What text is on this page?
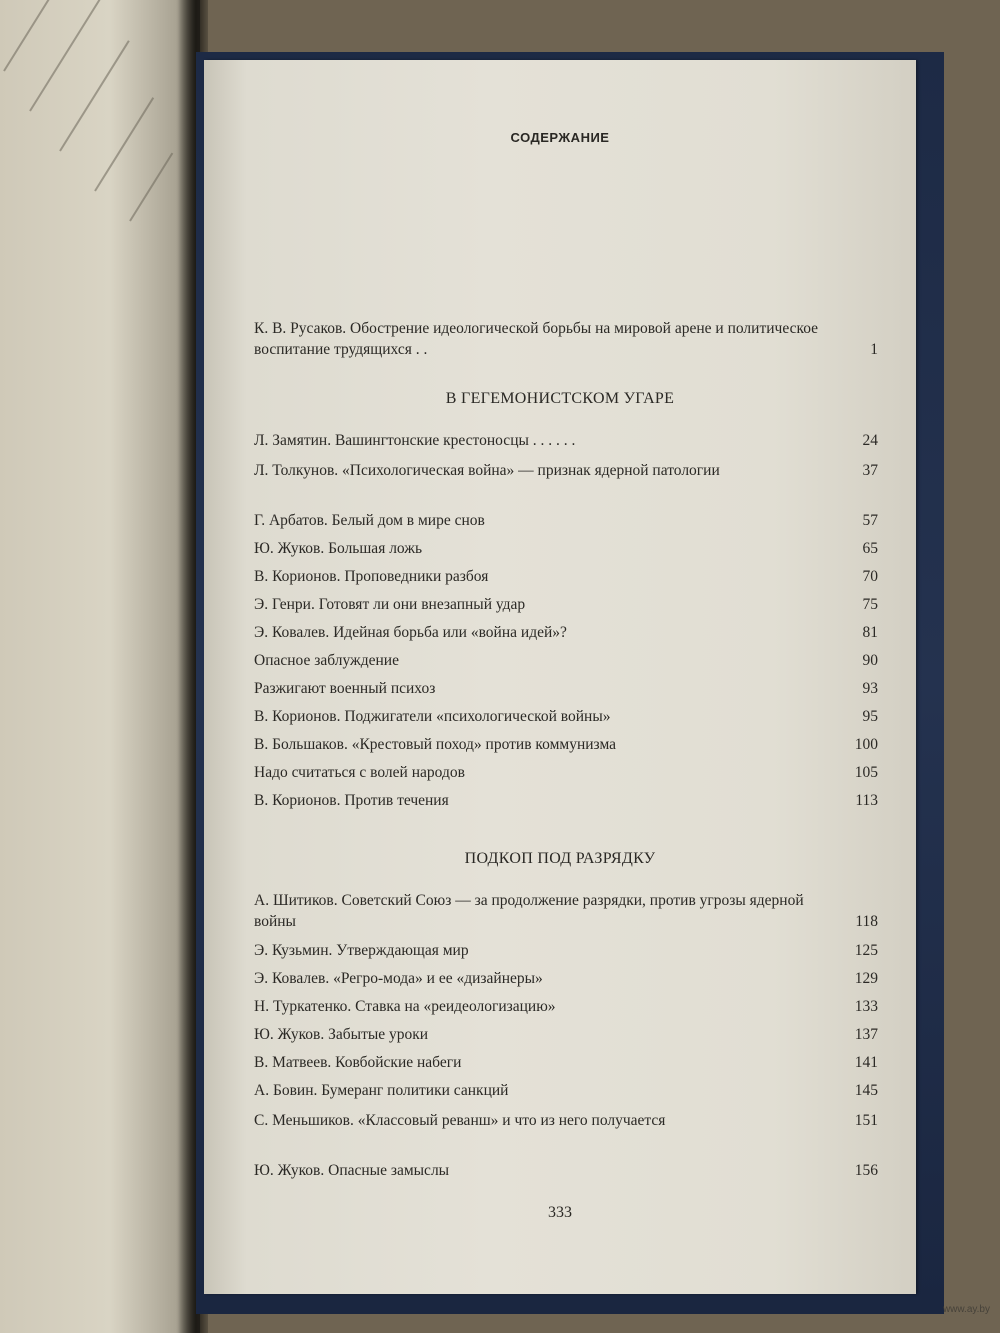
СОДЕРЖАНИЕ
К. В. Русаков. Обострение идеологической борьбы на мировой арене и политическое воспитание трудящихся . .	1
В ГЕГЕМОНИСТСКОМ УГАРЕ
Л. Замятин. Вашингтонские крестоносцы . . . . . .	24
Л. Толкунов. «Психологическая война» — признак ядерной патологии	37
Г. Арбатов. Белый дом в мире снов	57
Ю. Жуков. Большая ложь	65
В. Корионов. Проповедники разбоя	70
Э. Генри. Готовят ли они внезапный удар	75
Э. Ковалев. Идейная борьба или «война идей»?	81
Опасное заблуждение	90
Разжигают военный психоз	93
В. Корионов. Поджигатели «психологической войны»	95
В. Большаков. «Крестовый поход» против коммунизма	100
Надо считаться с волей народов	105
В. Корионов. Против течения	113
ПОДКОП ПОД РАЗРЯДКУ
А. Шитиков. Советский Союз — за продолжение разрядки, против угрозы ядерной войны	118
Э. Кузьмин. Утверждающая мир	125
Э. Ковалев. «Регро-мода» и ее «дизайнеры»	129
Н. Туркатенко. Ставка на «реидеологизацию»	133
Ю. Жуков. Забытые уроки	137
В. Матвеев. Ковбойские набеги	141
А. Бовин. Бумеранг политики санкций	145
С. Меньшиков. «Классовый реванш» и что из него получается	151
Ю. Жуков. Опасные замыслы	156
333
www.ay.by
